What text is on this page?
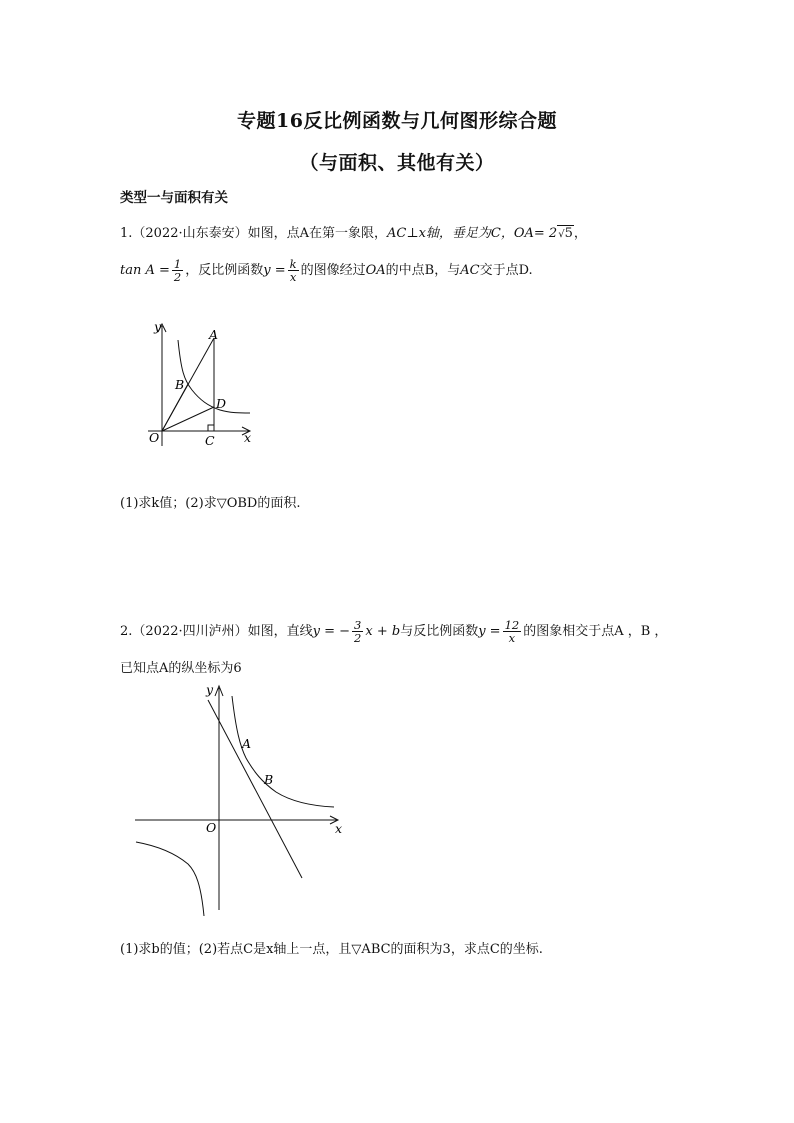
专题16反比例函数与几何图形综合题
（与面积、其他有关）
类型一与面积有关
1.（2022·山东泰安）如图，点A在第一象限，AC⊥x轴，垂足为C，OA= 2√5，
$\tan A = \frac{1}{2}$ ，反比例函数$y = \frac{k}{x}$ 的图像经过OA的中点B，与AC交于点D.
y
x
A
B
D
O	C
(1)求k值；(2)求▽OBD的面积.
2.（2022·四川泸州）如图，直线y = − $\frac{3}{2}$ x + b与反比例函数$y = \frac{12}{x}$ 的图象相交于点A ，B ，
已知点A的纵坐标为6
y
x
A
B
O
(1)求b的值；(2)若点C是x轴上一点，且▽ABC的面积为3，求点C的坐标.
